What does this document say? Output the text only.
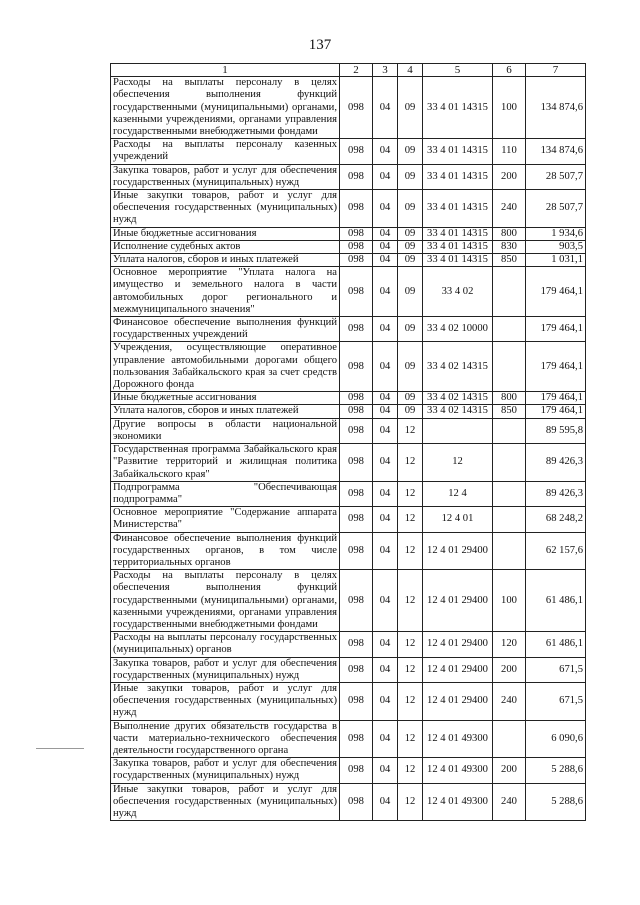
137
1	2	3	4	5	6	7
Расходы на выплаты персоналу в целях обеспечения выполнения функций государственными (муниципальными) органами, казенными учреждениями, органами управления государственными внебюджетными фондами	098	04	09	33 4 01 14315	100	134 874,6
Расходы на выплаты персоналу казенных учреждений	098	04	09	33 4 01 14315	110	134 874,6
Закупка товаров, работ и услуг для обеспечения государственных (муниципальных) нужд	098	04	09	33 4 01 14315	200	28 507,7
Иные закупки товаров, работ и услуг для обеспечения государственных (муниципальных) нужд	098	04	09	33 4 01 14315	240	28 507,7
Иные бюджетные ассигнования	098	04	09	33 4 01 14315	800	1 934,6
Исполнение судебных актов	098	04	09	33 4 01 14315	830	903,5
Уплата налогов, сборов и иных платежей	098	04	09	33 4 01 14315	850	1 031,1
Основное мероприятие "Уплата налога на имущество и земельного налога в части автомобильных дорог регионального и межмуниципального значения"	098	04	09	33 4 02		179 464,1
Финансовое обеспечение выполнения функций государственных учреждений	098	04	09	33 4 02 10000		179 464,1
Учреждения, осуществляющие оперативное управление автомобильными дорогами общего пользования Забайкальского края за счет средств Дорожного фонда	098	04	09	33 4 02 14315		179 464,1
Иные бюджетные ассигнования	098	04	09	33 4 02 14315	800	179 464,1
Уплата налогов, сборов и иных платежей	098	04	09	33 4 02 14315	850	179 464,1
Другие вопросы в области национальной экономики	098	04	12			89 595,8
Государственная программа Забайкальского края "Развитие территорий и жилищная политика Забайкальского края"	098	04	12	12		89 426,3
Подпрограмма "Обеспечивающая подпрограмма"	098	04	12	12 4		89 426,3
Основное мероприятие "Содержание аппарата Министерства"	098	04	12	12 4 01		68 248,2
Финансовое обеспечение выполнения функций государственных органов, в том числе территориальных органов	098	04	12	12 4 01 29400		62 157,6
Расходы на выплаты персоналу в целях обеспечения выполнения функций государственными (муниципальными) органами, казенными учреждениями, органами управления государственными внебюджетными фондами	098	04	12	12 4 01 29400	100	61 486,1
Расходы на выплаты персоналу государственных (муниципальных) органов	098	04	12	12 4 01 29400	120	61 486,1
Закупка товаров, работ и услуг для обеспечения государственных (муниципальных) нужд	098	04	12	12 4 01 29400	200	671,5
Иные закупки товаров, работ и услуг для обеспечения государственных (муниципальных) нужд	098	04	12	12 4 01 29400	240	671,5
Выполнение других обязательств государства в части материально-технического обеспечения деятельности государственного органа	098	04	12	12 4 01 49300		6 090,6
Закупка товаров, работ и услуг для обеспечения государственных (муниципальных) нужд	098	04	12	12 4 01 49300	200	5 288,6
Иные закупки товаров, работ и услуг для обеспечения государственных (муниципальных) нужд	098	04	12	12 4 01 49300	240	5 288,6
